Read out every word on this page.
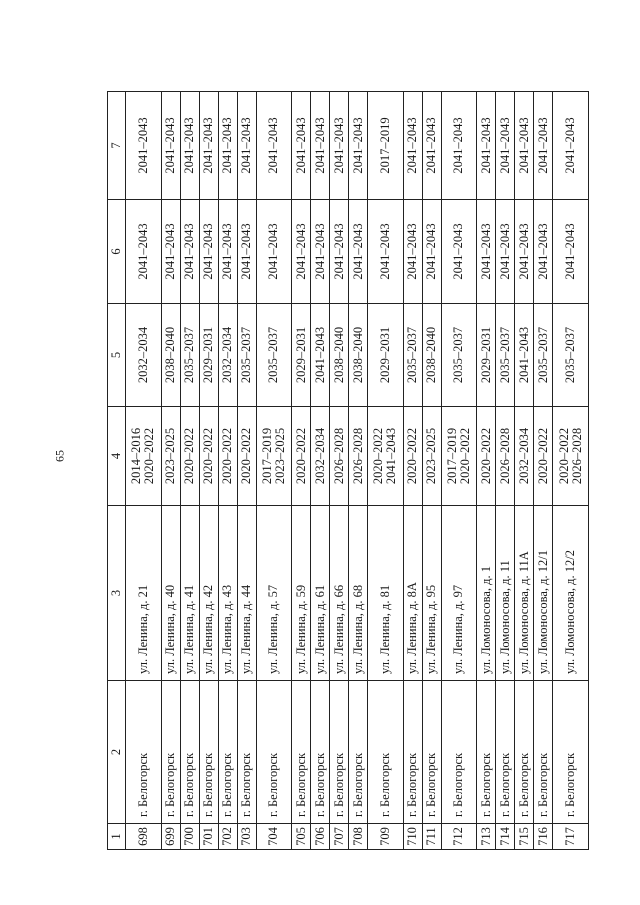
65
1	2	3	4	5	6	7
698	г. Белогорск	ул. Ленина, д. 21	2014–2016 2020–2022	2032–2034	2041–2043	2041–2043
699	г. Белогорск	ул. Ленина, д. 40	2023–2025	2038–2040	2041–2043	2041–2043
700	г. Белогорск	ул. Ленина, д. 41	2020–2022	2035–2037	2041–2043	2041–2043
701	г. Белогорск	ул. Ленина, д. 42	2020–2022	2029–2031	2041–2043	2041–2043
702	г. Белогорск	ул. Ленина, д. 43	2020–2022	2032–2034	2041–2043	2041–2043
703	г. Белогорск	ул. Ленина, д. 44	2020–2022	2035–2037	2041–2043	2041–2043
704	г. Белогорск	ул. Ленина, д. 57	2017–2019 2023–2025	2035–2037	2041–2043	2041–2043
705	г. Белогорск	ул. Ленина, д. 59	2020–2022	2029–2031	2041–2043	2041–2043
706	г. Белогорск	ул. Ленина, д. 61	2032–2034	2041–2043	2041–2043	2041–2043
707	г. Белогорск	ул. Ленина, д. 66	2026–2028	2038–2040	2041–2043	2041–2043
708	г. Белогорск	ул. Ленина, д. 68	2026–2028	2038–2040	2041–2043	2041–2043
709	г. Белогорск	ул. Ленина, д. 81	2020–2022 2041–2043	2029–2031	2041–2043	2017–2019
710	г. Белогорск	ул. Ленина, д. 8А	2020–2022	2035–2037	2041–2043	2041–2043
711	г. Белогорск	ул. Ленина, д. 95	2023–2025	2038–2040	2041–2043	2041–2043
712	г. Белогорск	ул. Ленина, д. 97	2017–2019 2020–2022	2035–2037	2041–2043	2041–2043
713	г. Белогорск	ул. Ломоносова, д. 1	2020–2022	2029–2031	2041–2043	2041–2043
714	г. Белогорск	ул. Ломоносова, д. 11	2026–2028	2035–2037	2041–2043	2041–2043
715	г. Белогорск	ул. Ломоносова, д. 11А	2032–2034	2041–2043	2041–2043	2041–2043
716	г. Белогорск	ул. Ломоносова, д. 12/1	2020–2022	2035–2037	2041–2043	2041–2043
717	г. Белогорск	ул. Ломоносова, д. 12/2	2020–2022 2026–2028	2035–2037	2041–2043	2041–2043
